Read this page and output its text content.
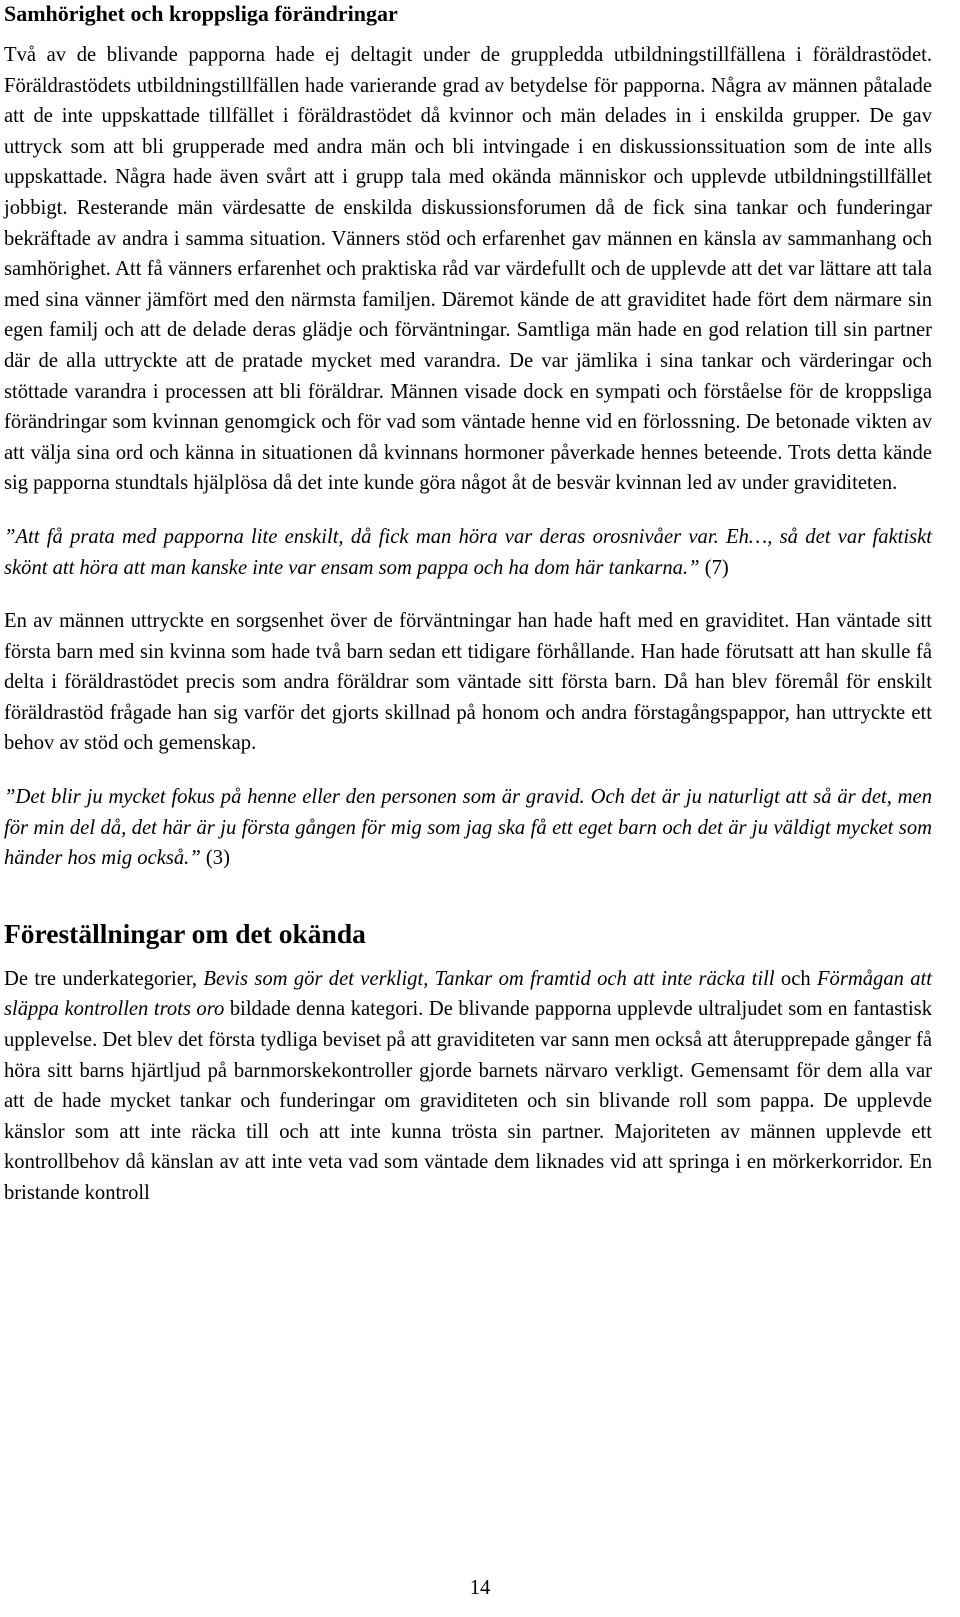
Samhörighet och kroppsliga förändringar

Två av de blivande papporna hade ej deltagit under de gruppledda utbildningstillfällena i föräldrastödet. Föräldrastödets utbildningstillfällen hade varierande grad av betydelse för papporna. Några av männen påtalade att de inte uppskattade tillfället i föräldrastödet då kvinnor och män delades in i enskilda grupper. De gav uttryck som att bli grupperade med andra män och bli intvingade i en diskussionssituation som de inte alls uppskattade. Några hade även svårt att i grupp tala med okända människor och upplevde utbildningstillfället jobbigt. Resterande män värdesatte de enskilda diskussionsforumen då de fick sina tankar och funderingar bekräftade av andra i samma situation. Vänners stöd och erfarenhet gav männen en känsla av sammanhang och samhörighet. Att få vänners erfarenhet och praktiska råd var värdefullt och de upplevde att det var lättare att tala med sina vänner jämfört med den närmsta familjen. Däremot kände de att graviditet hade fört dem närmare sin egen familj och att de delade deras glädje och förväntningar. Samtliga män hade en god relation till sin partner där de alla uttryckte att de pratade mycket med varandra. De var jämlika i sina tankar och värderingar och stöttade varandra i processen att bli föräldrar. Männen visade dock en sympati och förståelse för de kroppsliga förändringar som kvinnan genomgick och för vad som väntade henne vid en förlossning. De betonade vikten av att välja sina ord och känna in situationen då kvinnans hormoner påverkade hennes beteende. Trots detta kände sig papporna stundtals hjälplösa då det inte kunde göra något åt de besvär kvinnan led av under graviditeten.

”Att få prata med papporna lite enskilt, då fick man höra var deras orosnivåer var. Eh…, så det var faktiskt skönt att höra att man kanske inte var ensam som pappa och ha dom här tankarna.” (7)

En av männen uttryckte en sorgsenhet över de förväntningar han hade haft med en graviditet. Han väntade sitt första barn med sin kvinna som hade två barn sedan ett tidigare förhållande. Han hade förutsatt att han skulle få delta i föräldrastödet precis som andra föräldrar som väntade sitt första barn. Då han blev föremål för enskilt föräldrastöd frågade han sig varför det gjorts skillnad på honom och andra förstagångspappor, han uttryckte ett behov av stöd och gemenskap.

”Det blir ju mycket fokus på henne eller den personen som är gravid. Och det är ju naturligt att så är det, men för min del då, det här är ju första gången för mig som jag ska få ett eget barn och det är ju väldigt mycket som händer hos mig också.” (3)

Föreställningar om det okända

De tre underkategorier, Bevis som gör det verkligt, Tankar om framtid och att inte räcka till och Förmågan att släppa kontrollen trots oro bildade denna kategori. De blivande papporna upplevde ultraljudet som en fantastisk upplevelse. Det blev det första tydliga beviset på att graviditeten var sann men också att återupprepade gånger få höra sitt barns hjärtljud på barnmorskekontroller gjorde barnets närvaro verkligt. Gemensamt för dem alla var att de hade mycket tankar och funderingar om graviditeten och sin blivande roll som pappa. De upplevde känslor som att inte räcka till och att inte kunna trösta sin partner. Majoriteten av männen upplevde ett kontrollbehov då känslan av att inte veta vad som väntade dem liknades vid att springa i en mörkerkorridor. En bristande kontroll

14
